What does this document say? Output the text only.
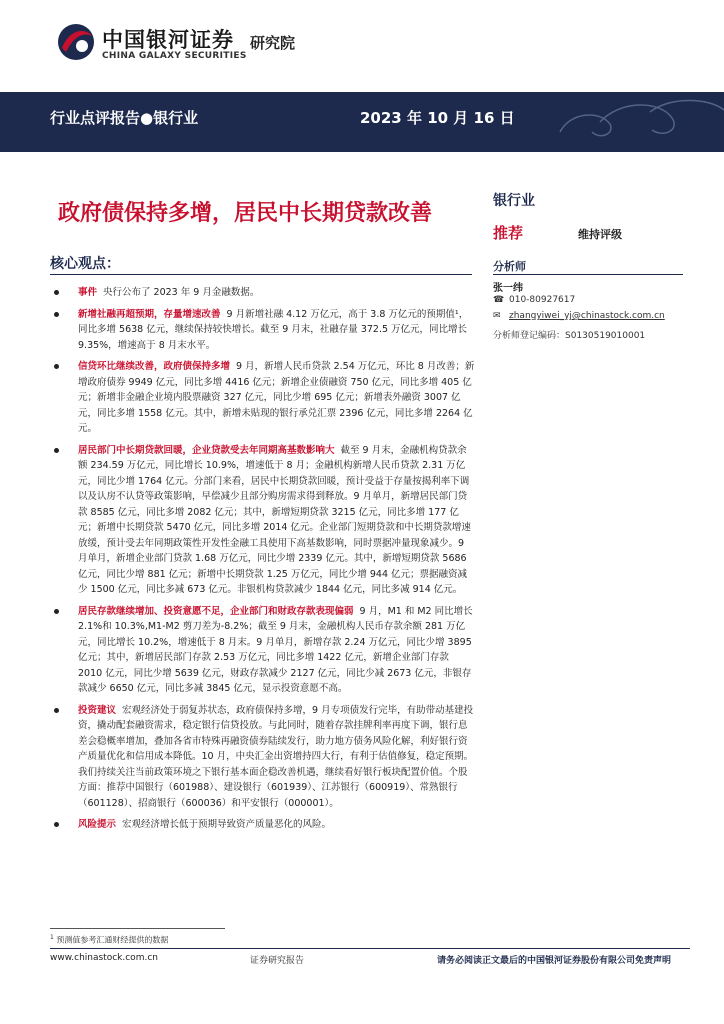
中国银河证券
CHINA GALAXY SECURITIES
研究院
行业点评报告●银行业	2023 年 10 月 16 日
政府债保持多增，居民中长期贷款改善
核心观点：
事件 央行公布了 2023 年 9 月金融数据。
新增社融再超预期，存量增速改善 9 月新增社融 4.12 万亿元，高于 3.8 万亿元的预期值¹，同比多增 5638 亿元，继续保持较快增长。截至 9 月末，社融存量 372.5 万亿元，同比增长 9.35%，增速高于 8 月末水平。
信贷环比继续改善，政府债保持多增 9 月，新增人民币贷款 2.54 万亿元，环比 8 月改善；新增政府债券 9949 亿元，同比多增 4416 亿元；新增企业债融资 750 亿元，同比多增 405 亿元；新增非金融企业境内股票融资 327 亿元，同比少增 695 亿元；新增表外融资 3007 亿元，同比多增 1558 亿元。其中，新增未贴现的银行承兑汇票 2396 亿元，同比多增 2264 亿元。
居民部门中长期贷款回暖，企业贷款受去年同期高基数影响大 截至 9 月末，金融机构贷款余额 234.59 万亿元，同比增长 10.9%，增速低于 8 月；金融机构新增人民币贷款 2.31 万亿元，同比少增 1764 亿元。分部门来看，居民中长期贷款回暖，预计受益于存量按揭利率下调以及认房不认贷等政策影响，早偿减少且部分购房需求得到释放。9 月单月，新增居民部门贷款 8585 亿元，同比多增 2082 亿元；其中，新增短期贷款 3215 亿元，同比多增 177 亿元；新增中长期贷款 5470 亿元，同比多增 2014 亿元。企业部门短期贷款和中长期贷款增速放缓，预计受去年同期政策性开发性金融工具使用下高基数影响，同时票据冲量现象减少。9 月单月，新增企业部门贷款 1.68 万亿元，同比少增 2339 亿元。其中，新增短期贷款 5686 亿元，同比少增 881 亿元；新增中长期贷款 1.25 万亿元，同比少增 944 亿元；票据融资减少 1500 亿元，同比多减 673 亿元。非银机构贷款减少 1844 亿元，同比多减 914 亿元。
居民存款继续增加、投资意愿不足，企业部门和财政存款表现偏弱 9 月，M1 和 M2 同比增长 2.1%和 10.3%,M1-M2 剪刀差为-8.2%；截至 9 月末，金融机构人民币存款余额 281 万亿元，同比增长 10.2%，增速低于 8 月末。9 月单月，新增存款 2.24 万亿元，同比少增 3895 亿元；其中，新增居民部门存款 2.53 万亿元，同比多增 1422 亿元，新增企业部门存款 2010 亿元，同比少增 5639 亿元，财政存款减少 2127 亿元，同比少减 2673 亿元，非银存款减少 6650 亿元，同比多减 3845 亿元，显示投资意愿不高。
投资建议 宏观经济处于弱复苏状态，政府债保持多增，9 月专项债发行完毕，有助带动基建投资，撬动配套融资需求，稳定银行信贷投放。与此同时，随着存款挂牌利率再度下调，银行息差会稳概率增加，叠加各省市特殊再融资债券陆续发行，助力地方债务风险化解，利好银行资产质量优化和信用成本降低。10 月，中央汇金出资增持四大行，有利于估值修复，稳定预期。我们持续关注当前政策环境之下银行基本面企稳改善机遇，继续看好银行板块配置价值。个股方面：推荐中国银行（601988）、建设银行（601939）、江苏银行（600919）、常熟银行（601128）、招商银行（600036）和平安银行（000001）。
风险提示 宏观经济增长低于预期导致资产质量恶化的风险。
银行业
推荐	维持评级
分析师
张一纬
☎ 010-80927617
✉ zhangyiwei_yj@chinastock.com.cn
分析师登记编码：S0130519010001
$^1$ 预测值参考汇通财经提供的数据
www.chinastock.com.cn	证券研究报告	请务必阅读正文最后的中国银河证券股份有限公司免责声明
